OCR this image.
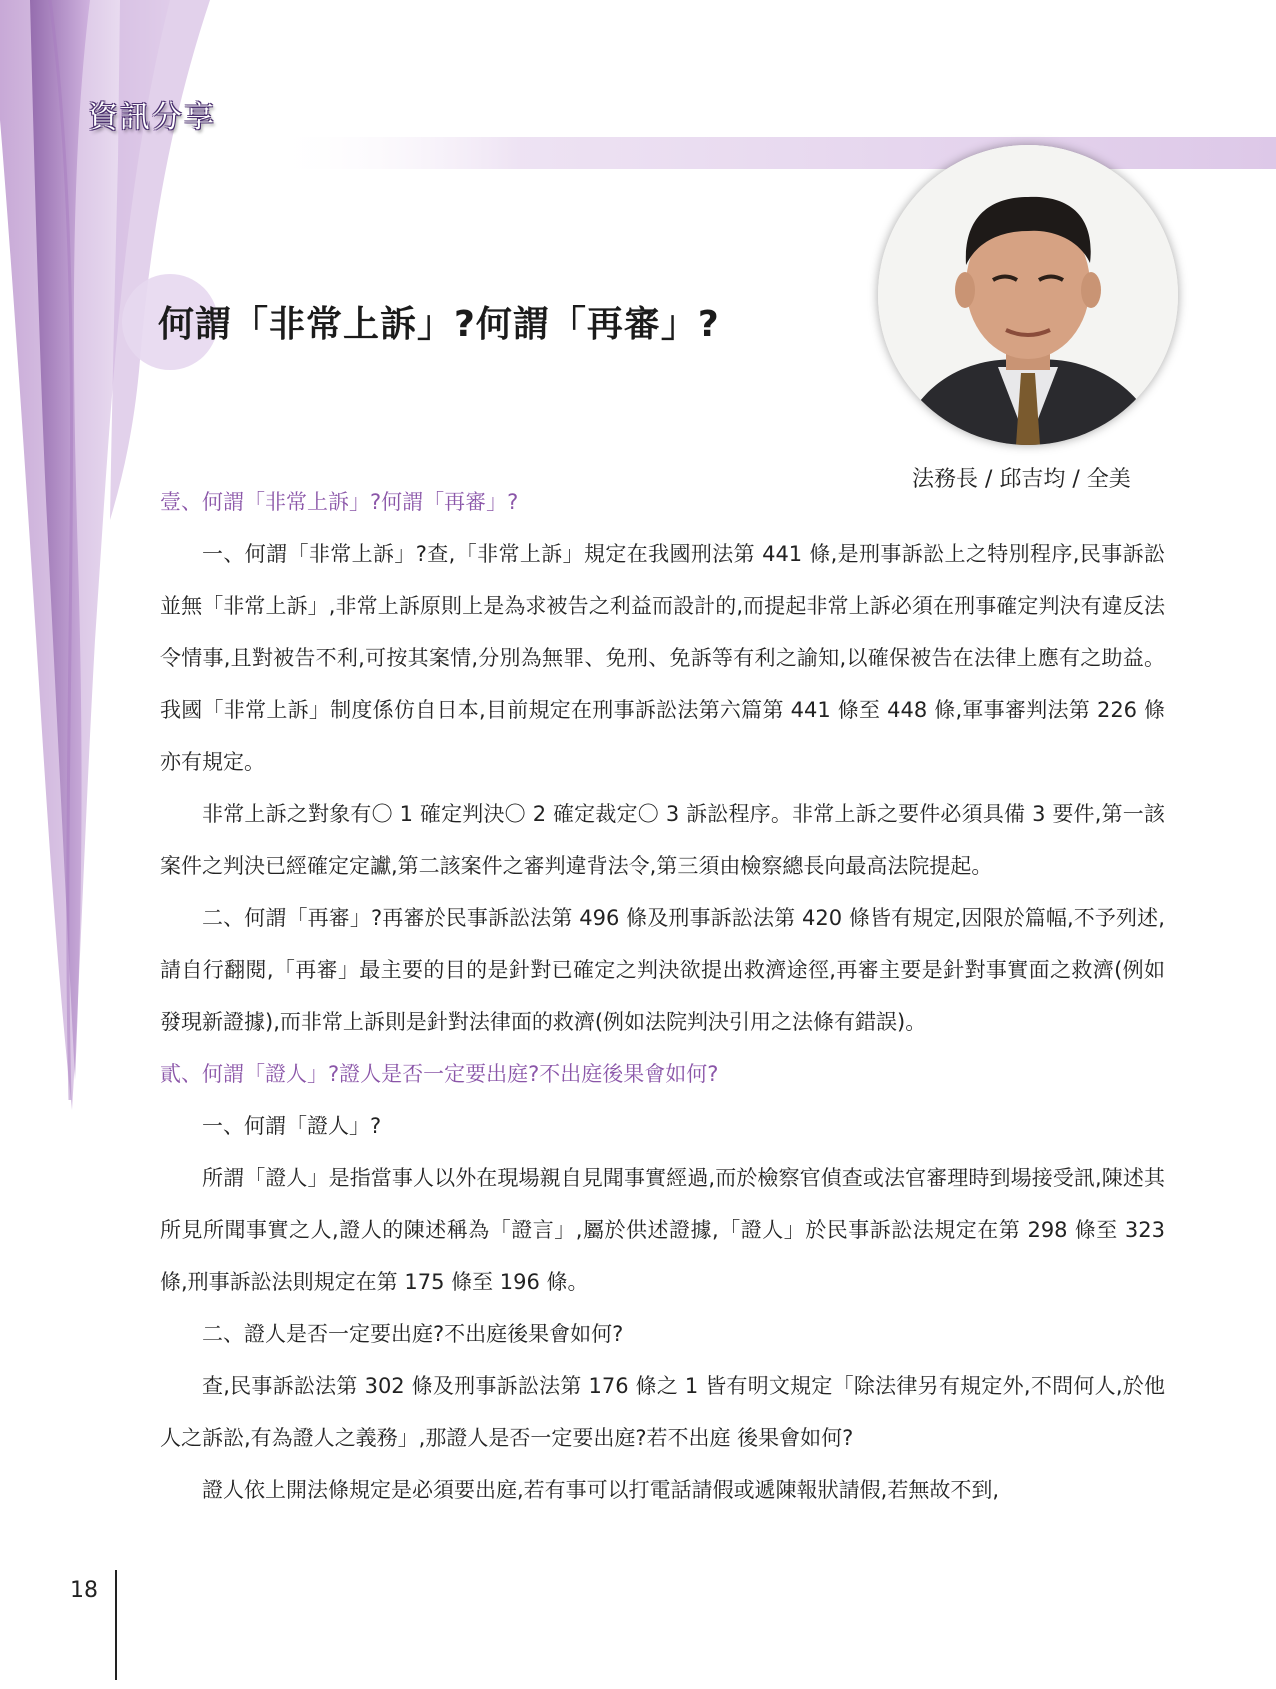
資訊分享
何謂「非常上訴」?何謂「再審」?
法務長 / 邱吉均 / 全美

壹、何謂「非常上訴」?何謂「再審」?

一、何謂「非常上訴」?查,「非常上訴」規定在我國刑法第 441 條,是刑事訴訟上之特別程序,民事訴訟並無「非常上訴」,非常上訴原則上是為求被告之利益而設計的,而提起非常上訴必須在刑事確定判決有違反法令情事,且對被告不利,可按其案情,分別為無罪、免刑、免訴等有利之諭知,以確保被告在法律上應有之助益。我國「非常上訴」制度係仿自日本,目前規定在刑事訴訟法第六篇第 441 條至 448 條,軍事審判法第 226 條亦有規定。

非常上訴之對象有〇 1 確定判決〇 2 確定裁定〇 3 訴訟程序。非常上訴之要件必須具備 3 要件,第一該案件之判決已經確定定讞,第二該案件之審判違背法令,第三須由檢察總長向最高法院提起。

二、何謂「再審」?再審於民事訴訟法第 496 條及刑事訴訟法第 420 條皆有規定,因限於篇幅,不予列述,請自行翻閱,「再審」最主要的目的是針對已確定之判決欲提出救濟途徑,再審主要是針對事實面之救濟(例如發現新證據),而非常上訴則是針對法律面的救濟(例如法院判決引用之法條有錯誤)。

貳、何謂「證人」?證人是否一定要出庭?不出庭後果會如何?

一、何謂「證人」?

所謂「證人」是指當事人以外在現場親自見聞事實經過,而於檢察官偵查或法官審理時到場接受訊,陳述其所見所聞事實之人,證人的陳述稱為「證言」,屬於供述證據,「證人」於民事訴訟法規定在第 298 條至 323 條,刑事訴訟法則規定在第 175 條至 196 條。

二、證人是否一定要出庭?不出庭後果會如何?

查,民事訴訟法第 302 條及刑事訴訟法第 176 條之 1 皆有明文規定「除法律另有規定外,不問何人,於他人之訴訟,有為證人之義務」,那證人是否一定要出庭?若不出庭 後果會如何?

證人依上開法條規定是必須要出庭,若有事可以打電話請假或遞陳報狀請假,若無故不到,

18
